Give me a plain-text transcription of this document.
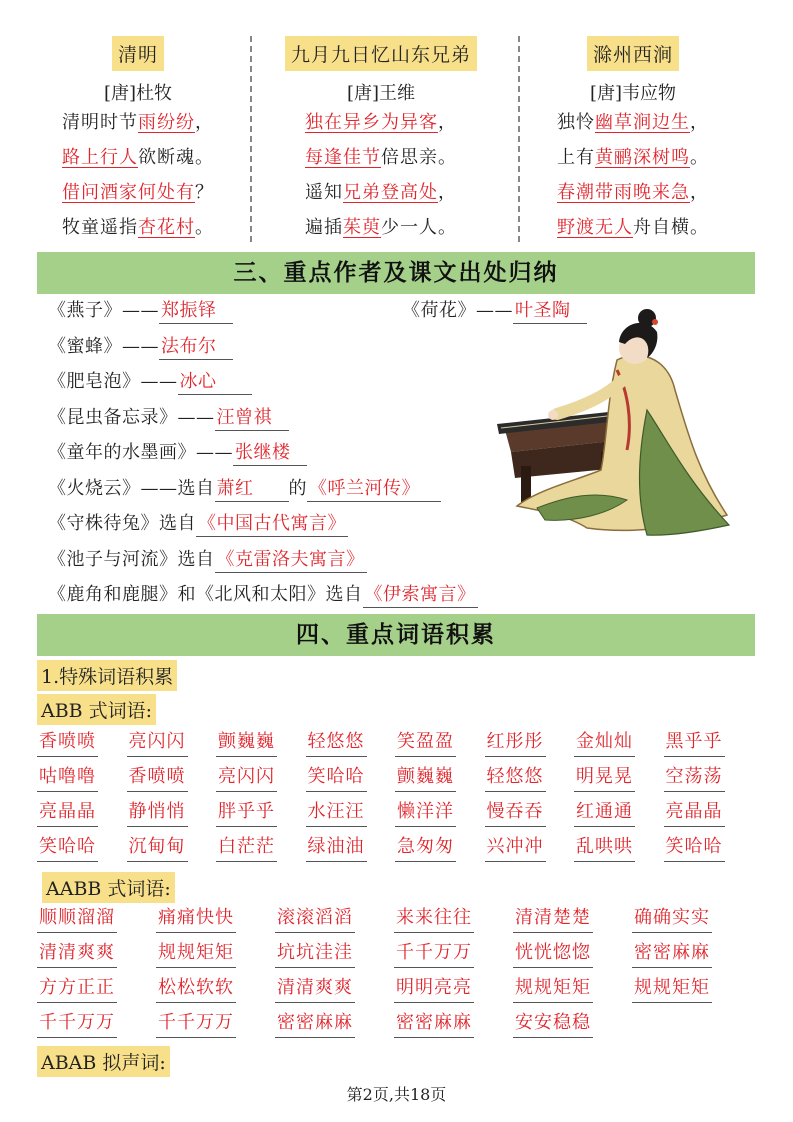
清明
[唐]杜牧
清明时节雨纷纷，
路上行人欲断魂。
借问酒家何处有？
牧童遥指杏花村。
九月九日忆山东兄弟
[唐]王维
独在异乡为异客，
每逢佳节倍思亲。
遥知兄弟登高处，
遍插茱萸少一人。
滁州西涧
[唐]韦应物
独怜幽草涧边生，
上有黄鹂深树鸣。
春潮带雨晚来急，
野渡无人舟自横。
三、重点作者及课文出处归纳
《燕子》—— 郑振铎
《蜜蜂》—— 法布尔
《肥皂泡》—— 冰心
《昆虫备忘录》—— 汪曾祺
《童年的水墨画》—— 张继楼
《火烧云》——选自 萧红 的 《呼兰河传》
《守株待兔》选自 《中国古代寓言》
《池子与河流》选自 《克雷洛夫寓言》
《鹿角和鹿腿》和《北风和太阳》选自 《伊索寓言》
《荷花》—— 叶圣陶
四、重点词语积累
1.特殊词语积累
ABB 式词语:
香喷喷 亮闪闪 颤巍巍 轻悠悠 笑盈盈 红彤彤 金灿灿 黑乎乎
咕噜噜 香喷喷 亮闪闪 笑哈哈 颤巍巍 轻悠悠 明晃晃 空荡荡
亮晶晶 静悄悄 胖乎乎 水汪汪 懒洋洋 慢吞吞 红通通 亮晶晶
笑哈哈 沉甸甸 白茫茫 绿油油 急匆匆 兴冲冲 乱哄哄 笑哈哈
AABB 式词语:
顺顺溜溜 痛痛快快 滚滚滔滔 来来往往 清清楚楚 确确实实
清清爽爽 规规矩矩 坑坑洼洼 千千万万 恍恍惚惚 密密麻麻
方方正正 松松软软 清清爽爽 明明亮亮 规规矩矩 规规矩矩
千千万万 千千万万 密密麻麻 密密麻麻 安安稳稳
ABAB 拟声词:
第2页,共18页
